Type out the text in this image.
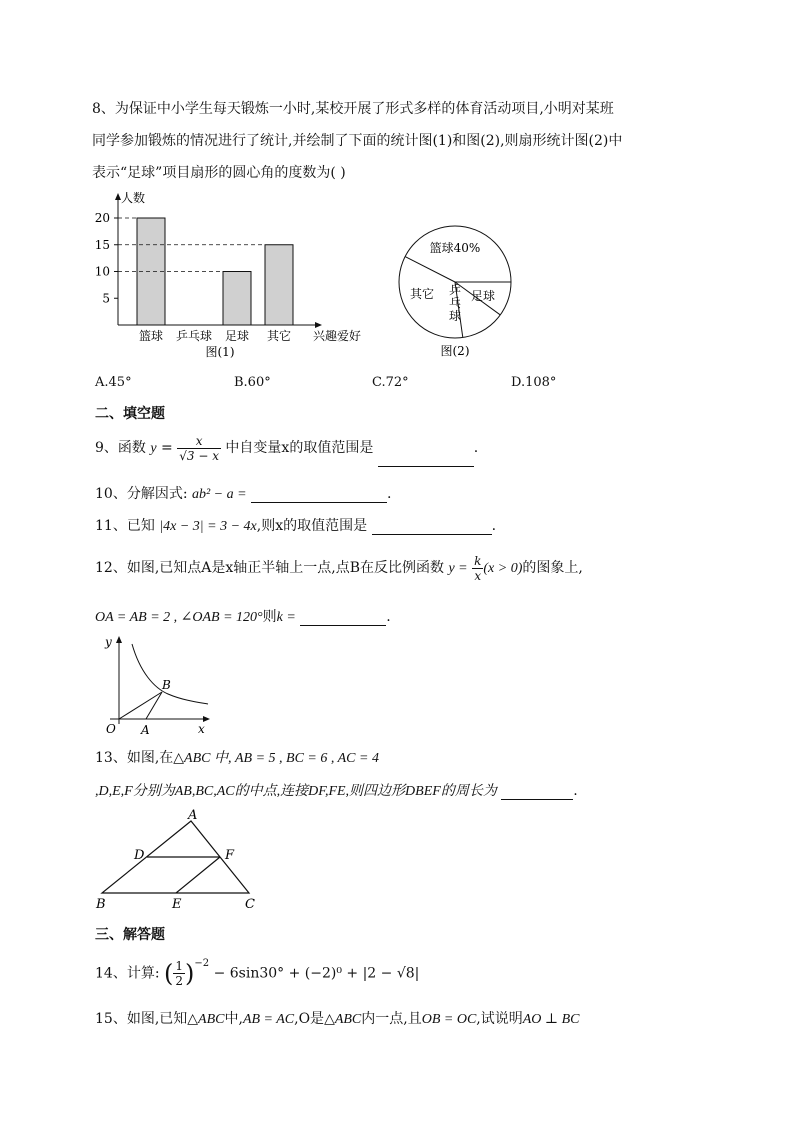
8、为保证中小学生每天锻炼一小时,某校开展了形式多样的体育活动项目,小明对某班
同学参加锻炼的情况进行了统计,并绘制了下面的统计图(1)和图(2),则扇形统计图(2)中
表示“足球”项目扇形的圆心角的度数为( )
人数
兴趣爱好
5
10
15
20
篮球 乒乓球 足球 其它
图(1)
篮球40%
足球
其它 乒
乓
球
图(2)
A.45°	B.60°	C.72°	D.108°
二、填空题
9、函数 $y = \frac{x}{√3 - x}$ 中自变量x的取值范围是	.
10、分解因式: ab² − a =	.
11、已知 |4x − 3| = 3 − 4x,则x的取值范围是	.
12、如图,已知点A是x轴正半轴上一点,点B在反比例函数 $y = \frac{k}{x} (x > 0)$的图象上,
OA = AB = 2 , ∠OAB = 120°则k =	.
y
x
O A
B
13、如图,在△ABC 中, AB = 5 , BC = 6 , AC = 4
,D,E,F分别为AB,BC,AC的中点,连接DF,FE,则四边形DBEF的周长为	.
A
B	C
D
E
F
三、解答题
14、计算: ( $\frac{1}{2} )^{-2} - 6\sin 30^\circ + (-2)^0 + |2 - √8|$
15、如图,已知△ABC中,AB = AC,O是△ABC内一点,且OB = OC,试说明AO ⊥ BC
